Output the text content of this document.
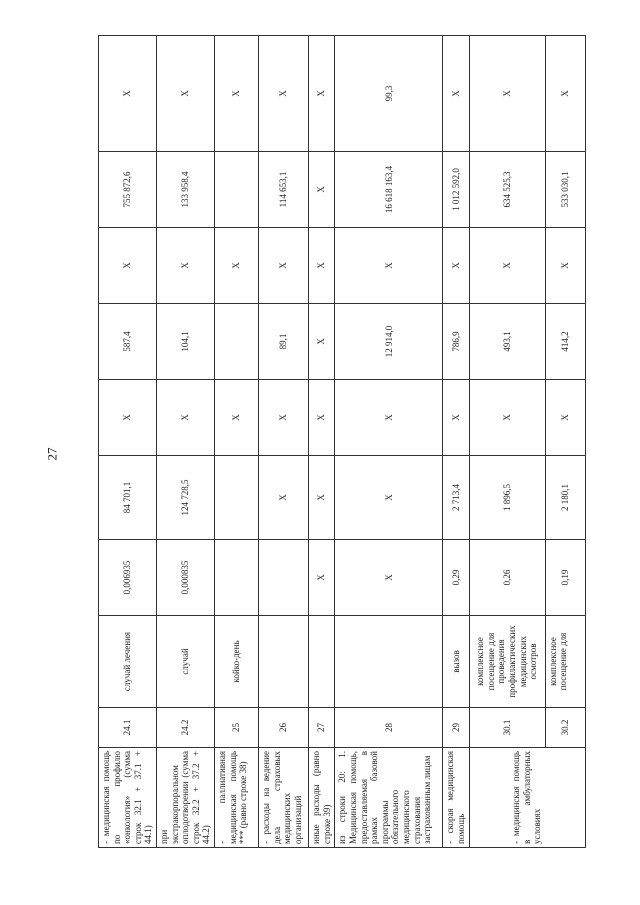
27
- медицинская помощь по профилю «онкология» (сумма строк 32.1 + 37.1 + 44.1)	24.1	случай лечения	0,006935	84 701,1	X	587,4	X	755 872,6	X
при экстракорпоральном оплодотворении (сумма строк 32.2 + 37.2 + 44.2)	24.2	случай	0,000835	124 728,5	X	104,1	X	133 958,4	X
- паллиативная медицинская помощь *** (равно строке 38)	25	койко-день			X		X		X
- расходы на ведение дела страховых медицинских организаций	26			X	X	89,1	X	114 653,1	X
иные расходы (равно строке 39)	27		X	X	X	X	X	X	X
из строки 20: 1. Медицинская помощь, предоставляемая в рамках базовой программы обязательного медицинского страхования застрахованным лицам	28		X	X	X	12 914,0	X	16 618 163,4	99,3
- скорая медицинская помощь	29	вызов	0,29	2 713,4	X	786,9	X	1 012 592,0	X
- медицинская помощь в амбулаторных условиях	30.1	комплексное посещение для проведения профилактических медицинских осмотров	0,26	1 896,5	X	493,1	X	634 525,3	X
	30.2	комплексное посещение для	0,19	2 180,1	X	414,2	X	533 030,1	X
